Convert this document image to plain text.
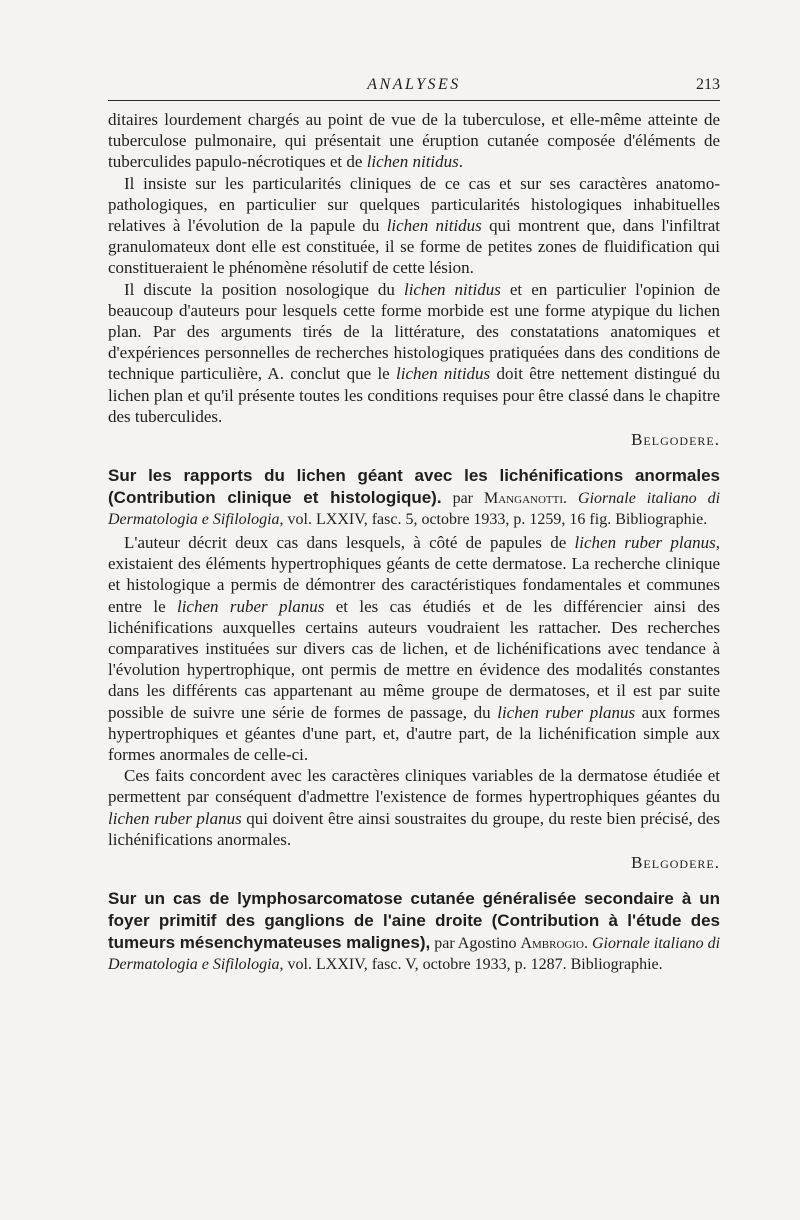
ANALYSES	213

ditaires lourdement chargés au point de vue de la tuberculose, et elle-même atteinte de tuberculose pulmonaire, qui présentait une éruption cutanée composée d'éléments de tuberculides papulo-nécrotiques et de lichen nitidus.

Il insiste sur les particularités cliniques de ce cas et sur ses caractères anatomo-pathologiques, en particulier sur quelques particularités histologiques inhabituelles relatives à l'évolution de la papule du lichen nitidus qui montrent que, dans l'infiltrat granulomateux dont elle est constituée, il se forme de petites zones de fluidification qui constitueraient le phénomène résolutif de cette lésion.

Il discute la position nosologique du lichen nitidus et en particulier l'opinion de beaucoup d'auteurs pour lesquels cette forme morbide est une forme atypique du lichen plan. Par des arguments tirés de la littérature, des constatations anatomiques et d'expériences personnelles de recherches histologiques pratiquées dans des conditions de technique particulière, A. conclut que le lichen nitidus doit être nettement distingué du lichen plan et qu'il présente toutes les conditions requises pour être classé dans le chapitre des tuberculides.

Belgodere.
Sur les rapports du lichen géant avec les lichénifications anormales (Contribution clinique et histologique). par Manganotti. Giornale italiano di Dermatologia e Sifilologia, vol. LXXIV, fasc. 5, octobre 1933, p. 1259, 16 fig. Bibliographie.

L'auteur décrit deux cas dans lesquels, à côté de papules de lichen ruber planus, existaient des éléments hypertrophiques géants de cette dermatose. La recherche clinique et histologique a permis de démontrer des caractéristiques fondamentales et communes entre le lichen ruber planus et les cas étudiés et de les différencier ainsi des lichénifications auxquelles certains auteurs voudraient les rattacher. Des recherches comparatives instituées sur divers cas de lichen, et de lichénifications avec tendance à l'évolution hypertrophique, ont permis de mettre en évidence des modalités constantes dans les différents cas appartenant au même groupe de dermatoses, et il est par suite possible de suivre une série de formes de passage, du lichen ruber planus aux formes hypertrophiques et géantes d'une part, et, d'autre part, de la lichénification simple aux formes anormales de celle-ci.

Ces faits concordent avec les caractères cliniques variables de la dermatose étudiée et permettent par conséquent d'admettre l'existence de formes hypertrophiques géantes du lichen ruber planus qui doivent être ainsi soustraites du groupe, du reste bien précisé, des lichénifications anormales.

Belgodere.
Sur un cas de lymphosarcomatose cutanée généralisée secondaire à un foyer primitif des ganglions de l'aine droite (Contribution à l'étude des tumeurs mésenchymateuses malignes), par Agostino Ambrogio. Giornale italiano di Dermatologia e Sifilologia, vol. LXXIV, fasc. V, octobre 1933, p. 1287. Bibliographie.
